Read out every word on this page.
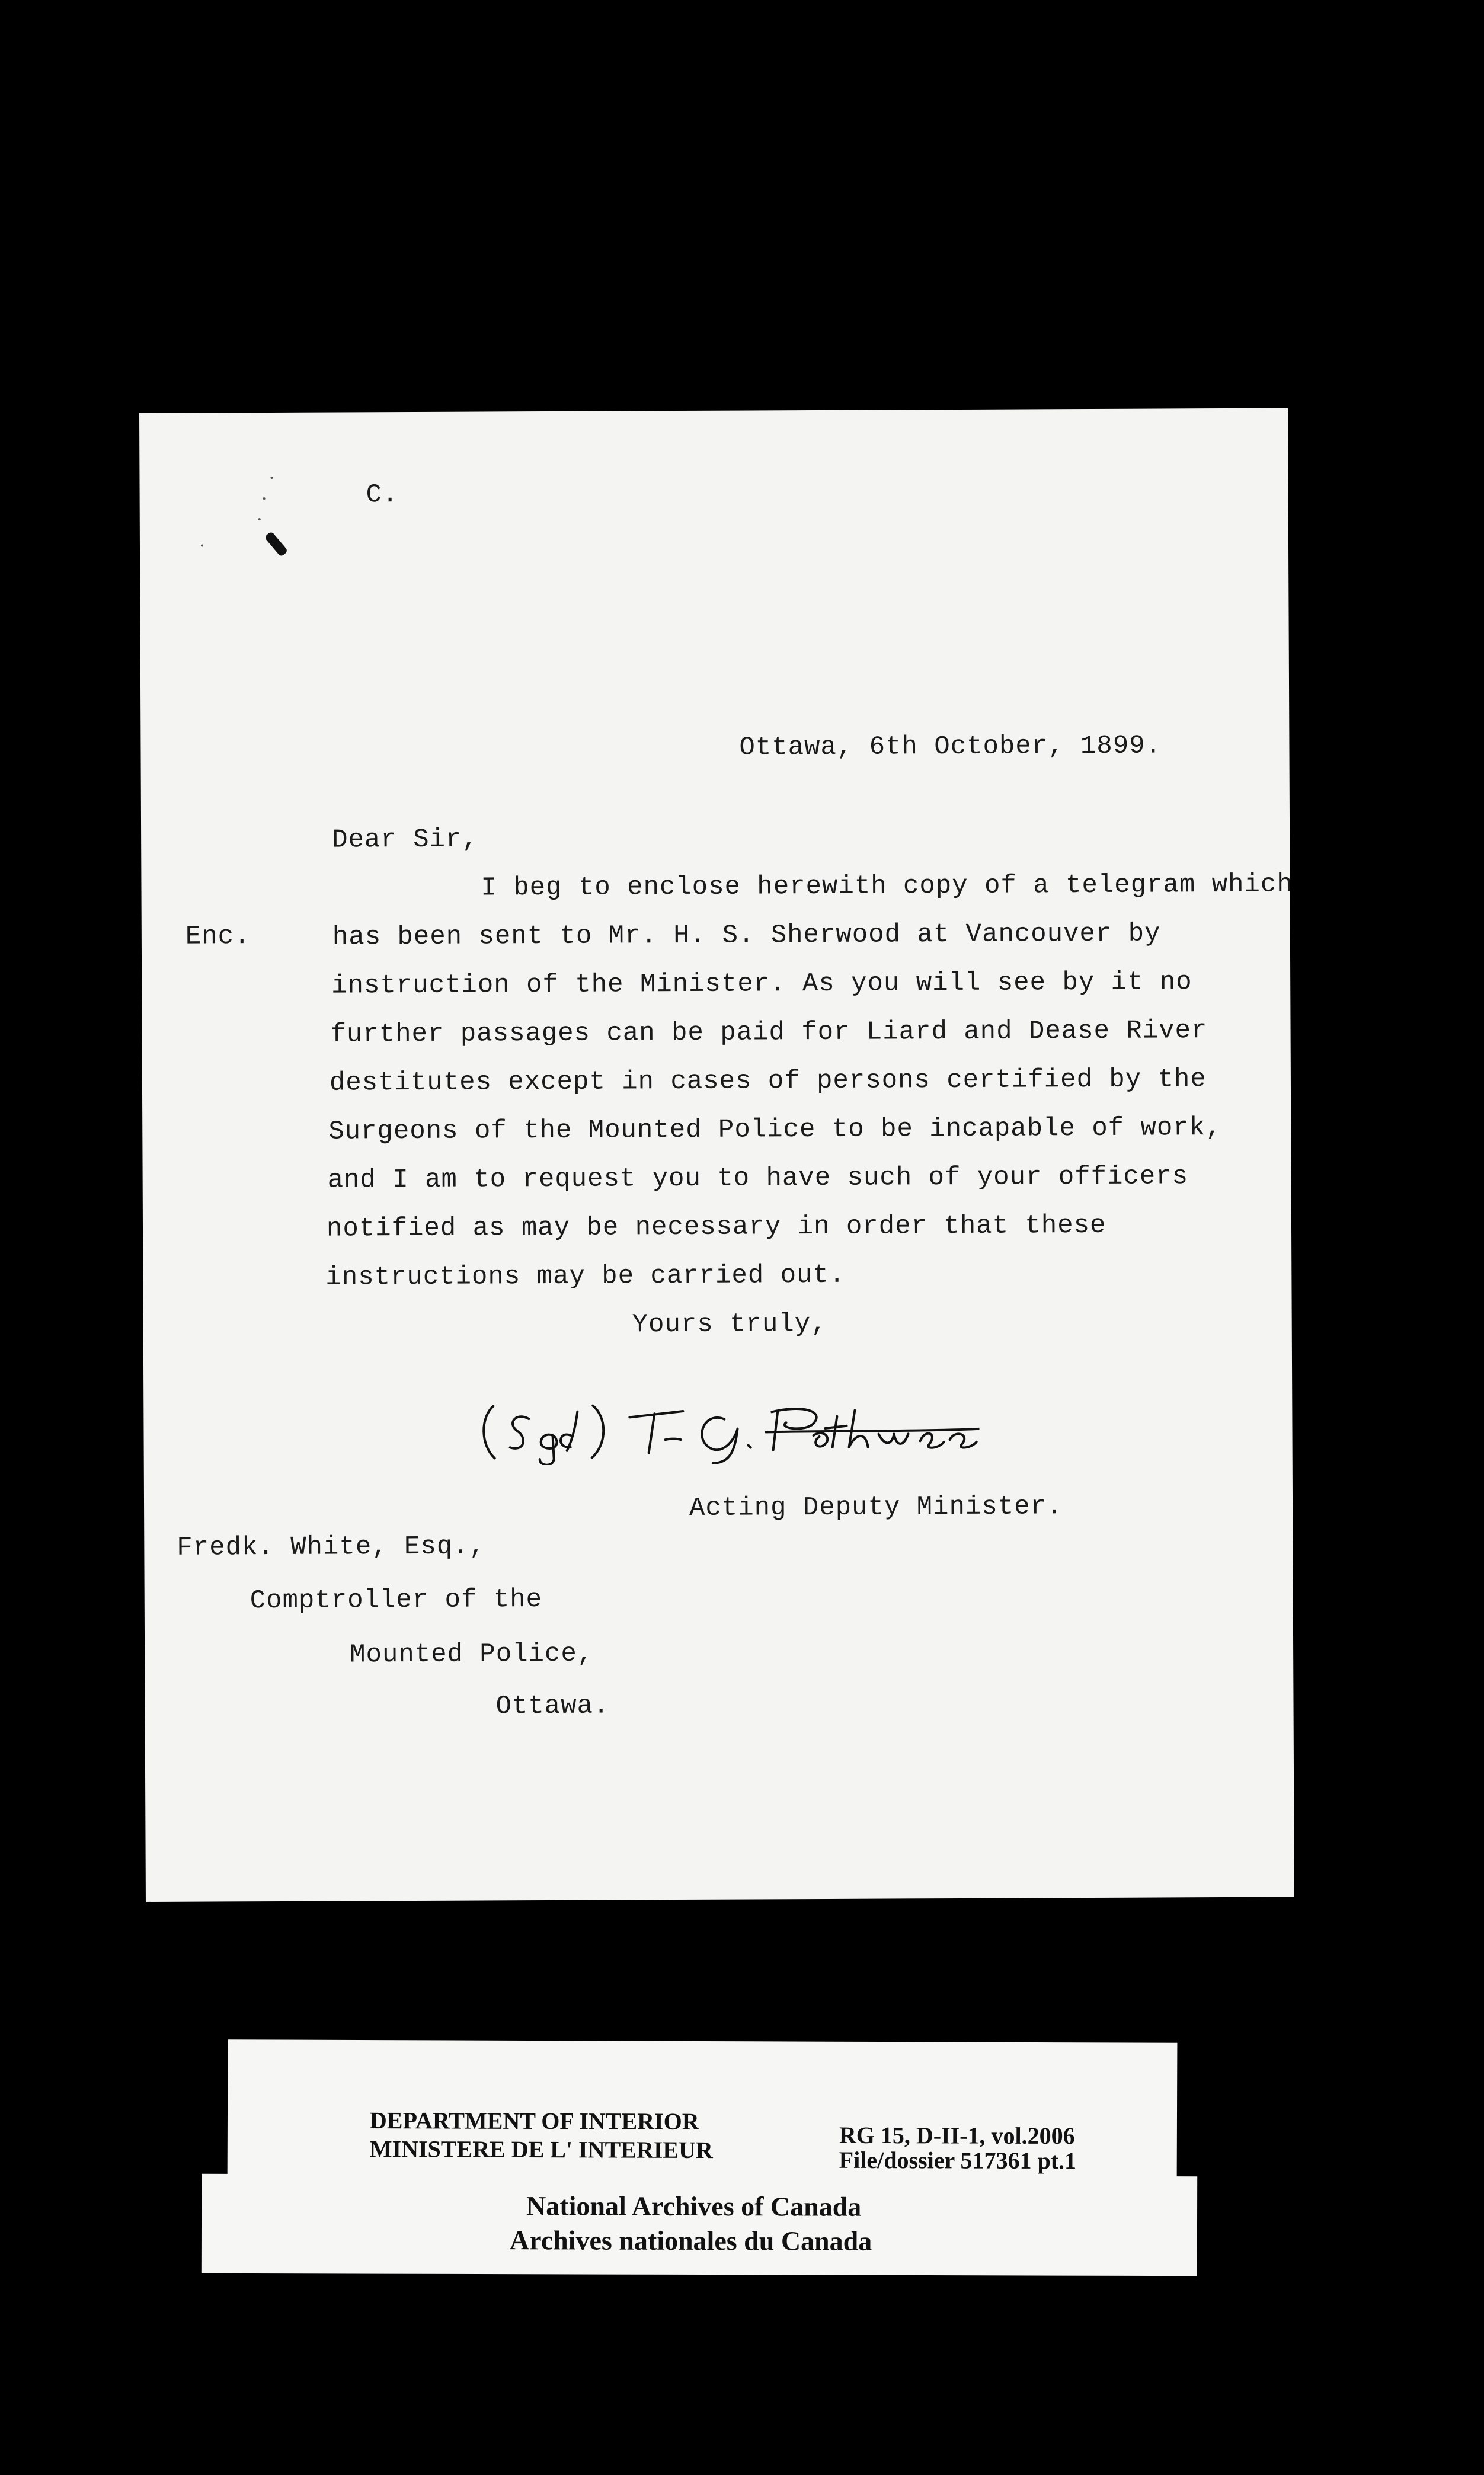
C.
Ottawa, 6th October, 1899.
Dear Sir,
Enc.
I beg to enclose herewith copy of a telegram which
has been sent to Mr. H. S. Sherwood at Vancouver by
instruction of the Minister. As you will see by it no
further passages can be paid for Liard and Dease River
destitutes except in cases of persons certified by the
Surgeons of the Mounted Police to be incapable of work,
and I am to request you to have such of your officers
notified as may be necessary in order that these
instructions may be carried out.
Yours truly,
Acting Deputy Minister.
Fredk. White, Esq.,
Comptroller of the
Mounted Police,
Ottawa.
DEPARTMENT OF INTERIOR
MINISTERE DE L' INTERIEUR
RG 15, D-II-1, vol.2006
File/dossier 517361 pt.1
National Archives of Canada
Archives nationales du Canada
